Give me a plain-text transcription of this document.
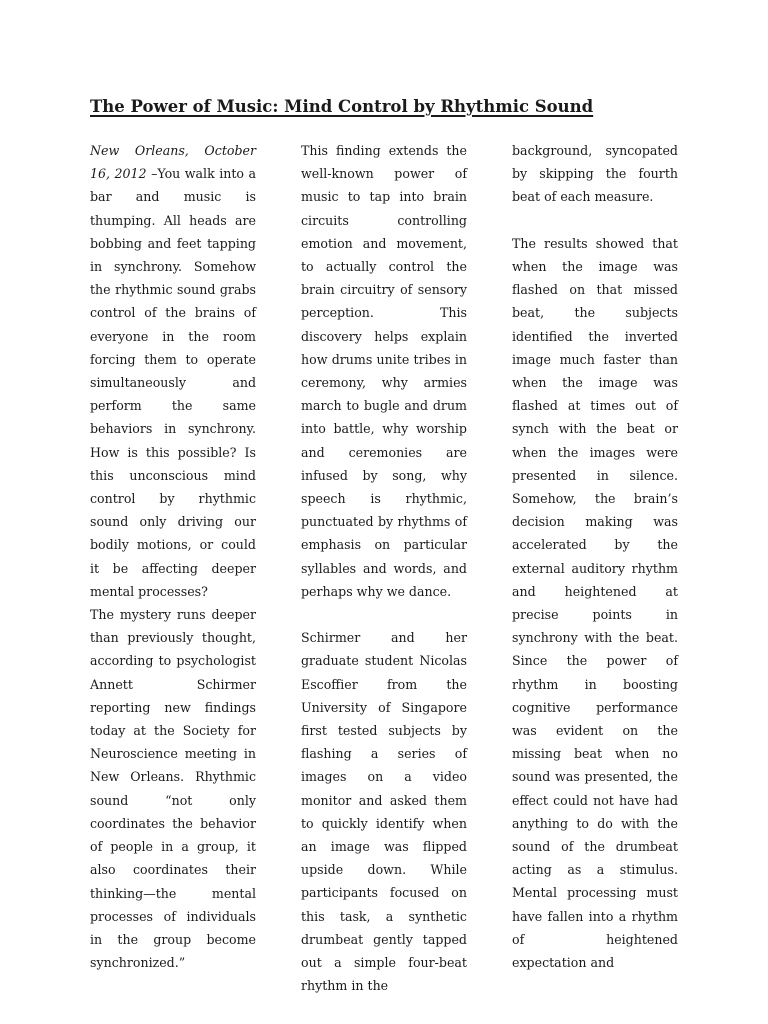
The Power of Music: Mind Control by Rhythmic Sound

New Orleans, October 16, 2012 –You walk into a bar and music is thumping. All heads are bobbing and feet tapping in synchrony. Somehow the rhythmic sound grabs control of the brains of everyone in the room forcing them to operate simultaneously and perform the same behaviors in synchrony. How is this possible? Is this unconscious mind control by rhythmic sound only driving our bodily motions, or could it be affecting deeper mental processes?

The mystery runs deeper than previously thought, according to psychologist Annett Schirmer reporting new findings today at the Society for Neuroscience meeting in New Orleans. Rhythmic sound “not only coordinates the behavior of people in a group, it also coordinates their thinking—the mental processes of individuals in the group become synchronized.”

This finding extends the well-known power of music to tap into brain circuits controlling emotion and movement, to actually control the brain circuitry of sensory perception. This discovery helps explain how drums unite tribes in ceremony, why armies march to bugle and drum into battle, why worship and ceremonies are infused by song, why speech is rhythmic, punctuated by rhythms of emphasis on particular syllables and words, and perhaps why we dance.

Schirmer and her graduate student Nicolas Escoffier from the University of Singapore first tested subjects by flashing a series of images on a video monitor and asked them to quickly identify when an image was flipped upside down. While participants focused on this task, a synthetic drumbeat gently tapped out a simple four-beat rhythm in the

background, syncopated by skipping the fourth beat of each measure.

The results showed that when the image was flashed on that missed beat, the subjects identified the inverted image much faster than when the image was flashed at times out of synch with the beat or when the images were presented in silence. Somehow, the brain’s decision making was accelerated by the external auditory rhythm and heightened at precise points in synchrony with the beat. Since the power of rhythm in boosting cognitive performance was evident on the missing beat when no sound was presented, the effect could not have had anything to do with the sound of the drumbeat acting as a stimulus. Mental processing must have fallen into a rhythm of heightened expectation and
